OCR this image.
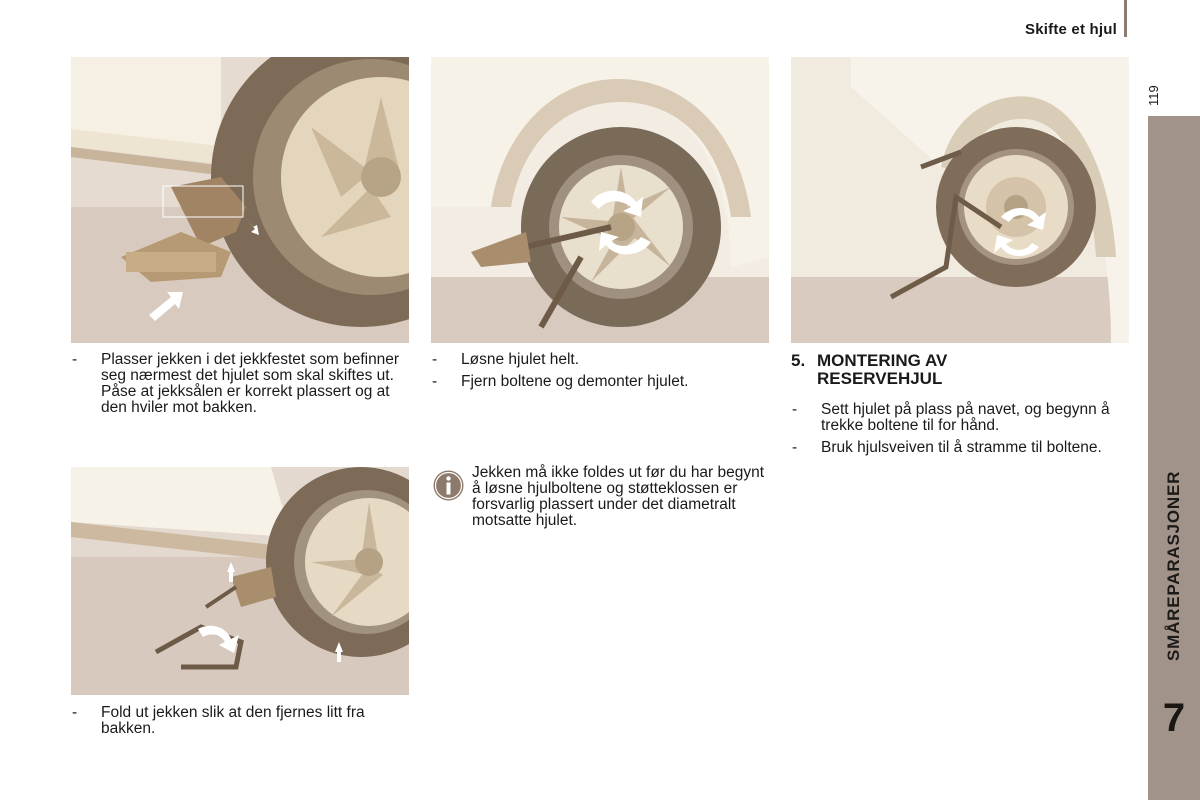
Skifte et hjul
119
SMÅREPARASJONER
7
- Plasser jekken i det jekkfestet som befinner seg nærmest det hjulet som skal skiftes ut. Påse at jekksålen er korrekt plassert og at den hviler mot bakken.
- Løsne hjulet helt.
- Fjern boltene og demonter hjulet.
Jekken må ikke foldes ut før du har begynt å løsne hjulboltene og støtteklossen er forsvarlig plassert under det diametralt motsatte hjulet.
5. MONTERING AV
RESERVEHJUL
- Sett hjulet på plass på navet, og begynn å trekke boltene til for hånd.
- Bruk hjulsveiven til å stramme til boltene.
- Fold ut jekken slik at den fjernes litt fra bakken.
